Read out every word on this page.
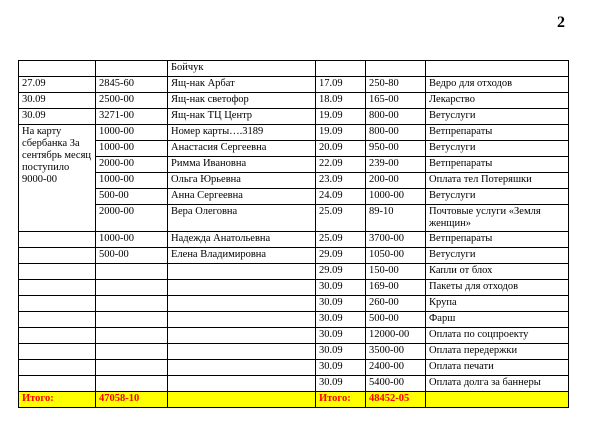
2
		Бойчук			
27.09	2845-60	Ящ-нак Арбат	17.09	250-80	Ведро для отходов
30.09	2500-00	Ящ-нак светофор	18.09	165-00	Лекарство
30.09	3271-00	Ящ-нак ТЦ Центр	19.09	800-00	Ветуслуги
На карту сбербанка За сентябрь месяц поступило 9000-00	1000-00	Номер карты….3189	19.09	800-00	Ветпрепараты
	1000-00	Анастасия Сергеевна	20.09	950-00	Ветуслуги
	2000-00	Римма Ивановна	22.09	239-00	Ветпрепараты
	1000-00	Ольга Юрьевна	23.09	200-00	Оплата тел Потеряшки
	500-00	Анна Сергеевна	24.09	1000-00	Ветуслуги
	2000-00	Вера Олеговна	25.09	89-10	Почтовые услуги «Земля женщин»
	1000-00	Надежда Анатольевна	25.09	3700-00	Ветпрепараты
	500-00	Елена Владимировна	29.09	1050-00	Ветуслуги
			29.09	150-00	Капли от блох
			30.09	169-00	Пакеты для отходов
			30.09	260-00	Крупа
			30.09	500-00	Фарш
			30.09	12000-00	Оплата по соцпроекту
			30.09	3500-00	Оплата передержки
			30.09	2400-00	Оплата печати
			30.09	5400-00	Оплата долга за баннеры
Итого:	47058-10		Итого:	48452-05	
